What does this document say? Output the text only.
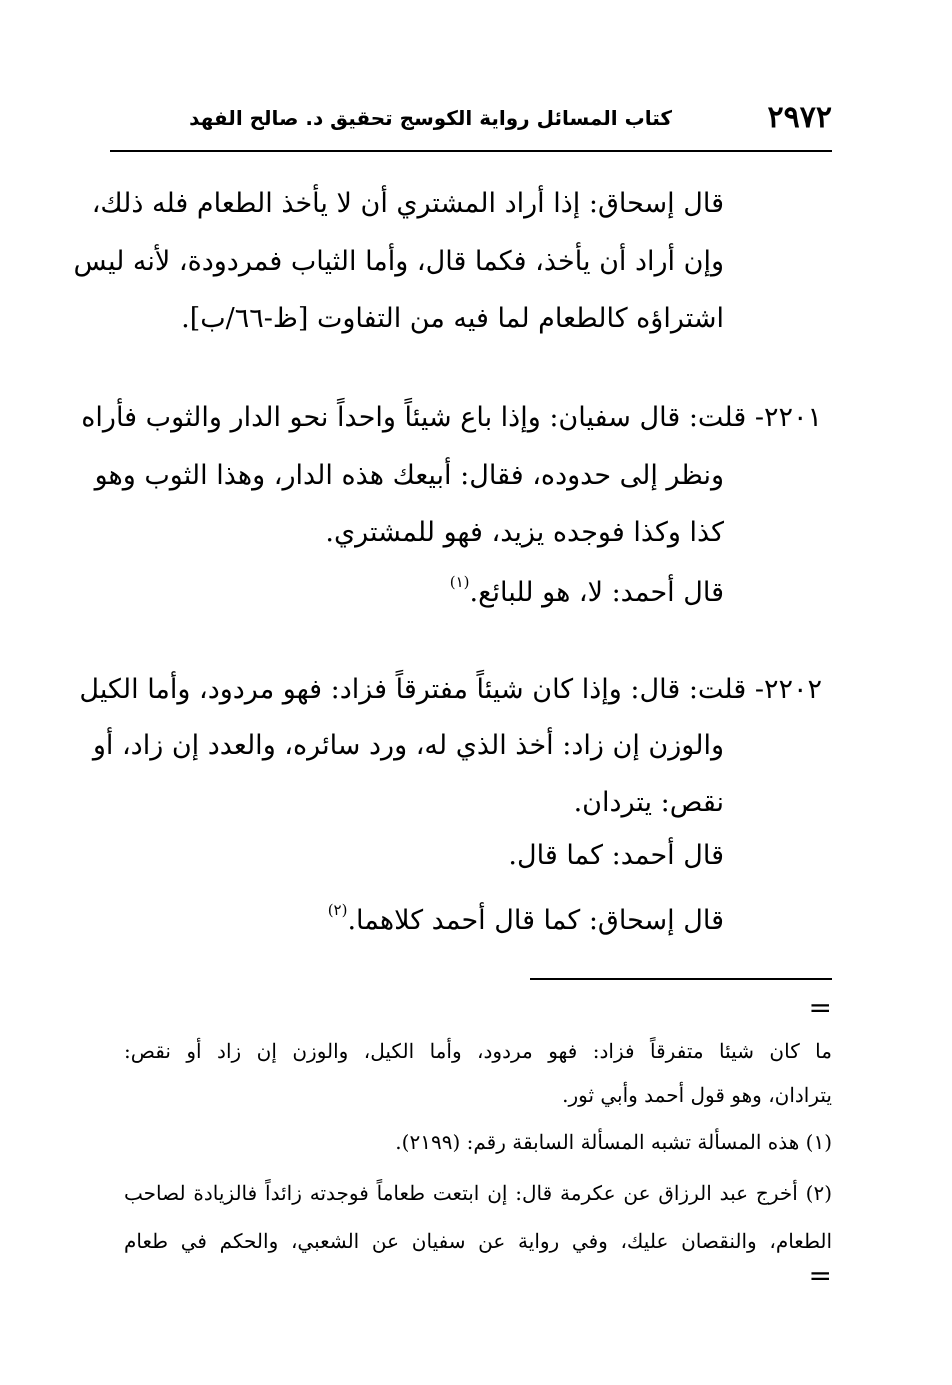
٢٩٧٢
كتاب المسائل رواية الكوسج تحقيق د. صالح الفهد
قال إسحاق: إذا أراد المشتري أن لا يأخذ الطعام فله ذلك،
وإن أراد أن يأخذ، فكما قال، وأما الثياب فمردودة، لأنه ليس
اشتراؤه كالطعام لما فيه من التفاوت [ظ-٦٦/ب].
٢٢٠١- قلت: قال سفيان: وإذا باع شيئاً واحداً نحو الدار والثوب فأراه
ونظر إلى حدوده، فقال: أبيعك هذه الدار، وهذا الثوب وهو
كذا وكذا فوجده يزيد، فهو للمشتري.
قال أحمد: لا، هو للبائع.$^{(١)}$
٢٢٠٢- قلت: قال: وإذا كان شيئاً مفترقاً فزاد: فهو مردود، وأما الكيل
والوزن إن زاد: أخذ الذي له، ورد سائره، والعدد إن زاد، أو
نقص: يتردان.
قال أحمد: كما قال.
قال إسحاق: كما قال أحمد كلاهما.$^{(٢)}$
=
ما كان شيئا متفرقاً فزاد: فهو مردود، وأما الكيل، والوزن إن زاد أو نقص:
يترادان، وهو قول أحمد وأبي ثور.
(١) هذه المسألة تشبه المسألة السابقة رقم: (٢١٩٩).
(٢) أخرج عبد الرزاق عن عكرمة قال: إن ابتعت طعاماً فوجدته زائداً فالزيادة لصاحب
الطعام، والنقصان عليك، وفي رواية عن سفيان عن الشعبي، والحكم في طعام
=
